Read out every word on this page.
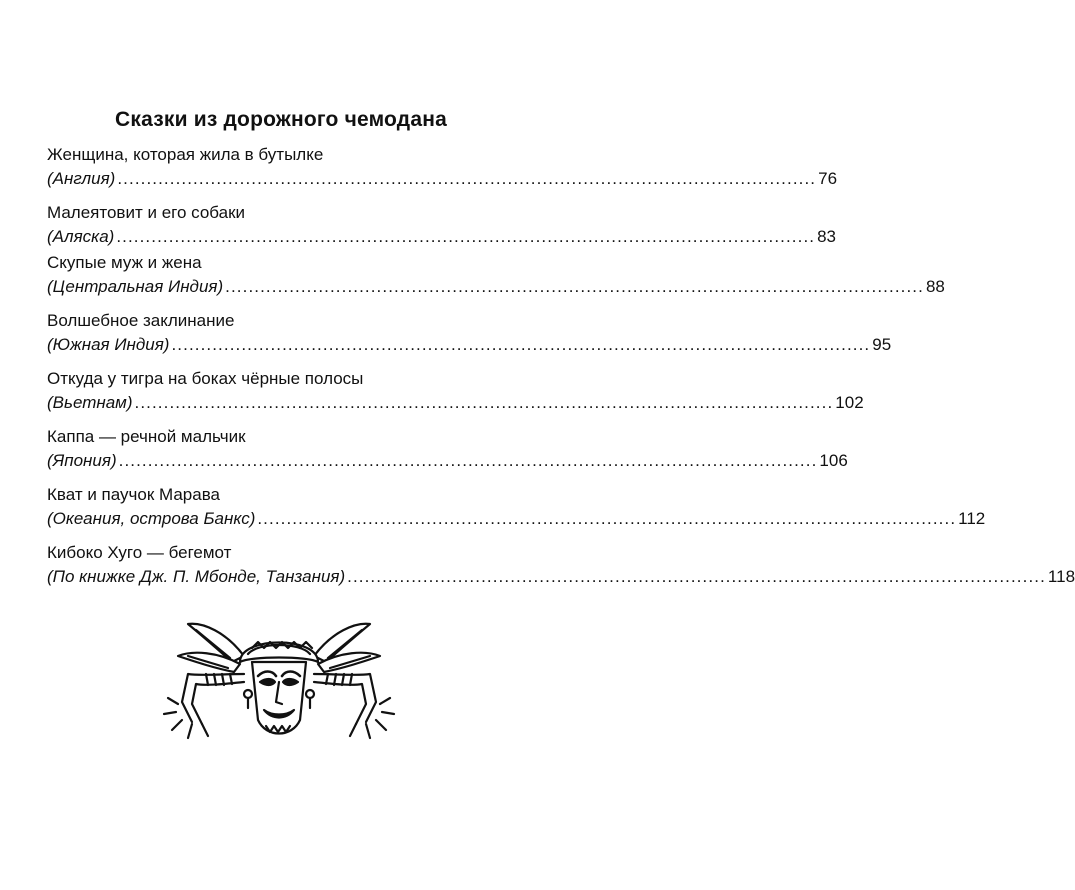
Сказки из дорожного чемодана
Женщина, которая жила в бутылке
(Англия) ........................................................................................................................ 76
Малеятовит и его собаки
(Аляска) ........................................................................................................................ 83
Скупые муж и жена
(Центральная Индия) ........................................................................................................................ 88
Волшебное заклинание
(Южная Индия) ........................................................................................................................ 95
Откуда у тигра на боках чёрные полосы
(Вьетнам) ........................................................................................................................ 102
Каппа — речной мальчик
(Япония) ........................................................................................................................ 106
Кват и паучок Марава
(Океания, острова Банкс) ........................................................................................................................ 112
Кибоко Хуго — бегемот
(По книжке Дж. П. Мбонде, Танзания) ........................................................................................................................ 118
